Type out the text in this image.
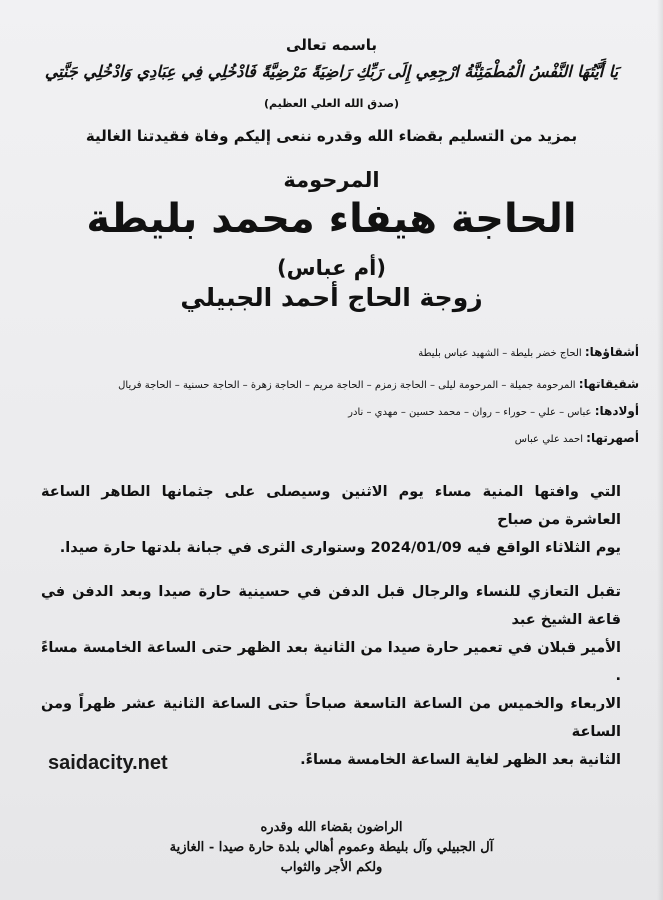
باسمه تعالى
يَا أَيَّتُهَا النَّفْسُ الْمُطْمَئِنَّةُ ارْجِعِي إِلَى رَبِّكِ رَاضِيَةً مَرْضِيَّةً فَادْخُلِي فِي عِبَادِي وَادْخُلِي جَنَّتِي
(صدق الله العلي العظيم)
بمزيد من التسليم بقضاء الله وقدره ننعى إليكم وفاة فقيدتنا الغالية
المرحومة
الحاجة هيفاء محمد بليطة
(أم عباس)
زوجة الحاج أحمد الجبيلي
أشقاؤها: الحاج خضر بليطة – الشهيد عباس بليطة
شقيقاتها: المرحومة جميلة – المرحومة ليلى – الحاجة زمزم – الحاجة مريم – الحاجة زهرة – الحاجة حسنية – الحاجة فريال
أولادها: عباس – علي – حوراء – روان – محمد حسين – مهدي – نادر
أصهرتها: احمد علي عباس
التي وافتها المنية مساء يوم الاثنين وسيصلى على جثمانها الطاهر الساعة العاشرة من صباح
يوم الثلاثاء الواقع فيه 2024/01/09 وستوارى الثرى في جبانة بلدتها حارة صيدا.
تقبل التعازي للنساء والرجال قبل الدفن في حسينية حارة صيدا وبعد الدفن في قاعة الشيخ عبد
الأمير قبلان في تعمير حارة صيدا من الثانية بعد الظهر حتى الساعة الخامسة مساءً .
الاربعاء والخميس من الساعة التاسعة صباحاً حتى الساعة الثانية عشر ظهراً ومن الساعة
الثانية بعد الظهر لغاية الساعة الخامسة مساءً.
saidacity.net
الراضون بقضاء الله وقدره
آل الجبيلي وآل بليطة وعموم أهالي بلدة حارة صيدا - الغازية
ولكم الأجر والثواب
